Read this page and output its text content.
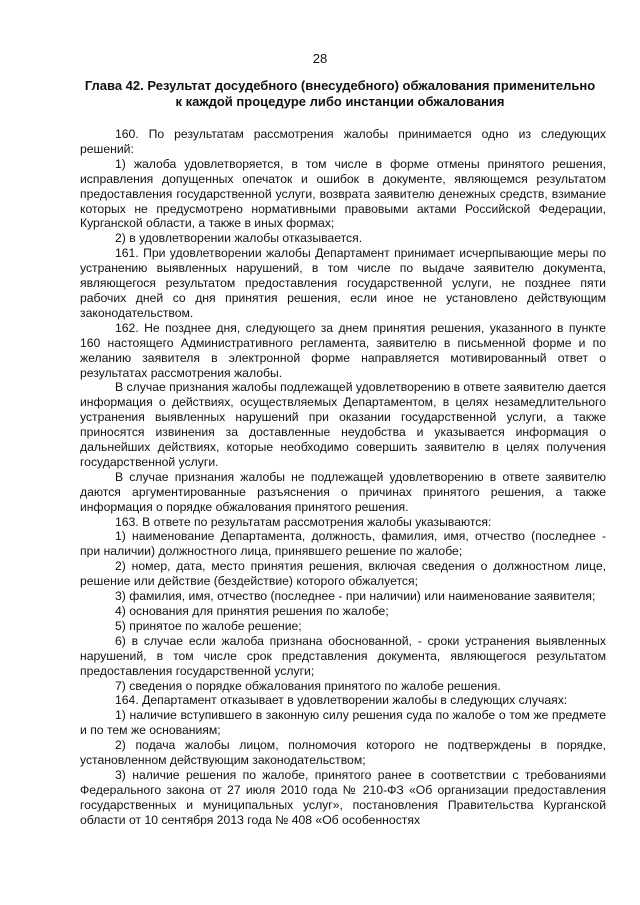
28
Глава 42. Результат досудебного (внесудебного) обжалования применительно к каждой процедуре либо инстанции обжалования

160. По результатам рассмотрения жалобы принимается одно из следующих решений:

1) жалоба удовлетворяется, в том числе в форме отмены принятого решения, исправления допущенных опечаток и ошибок в документе, являющемся результатом предоставления государственной услуги, возврата заявителю денежных средств, взимание которых не предусмотрено нормативными правовыми актами Российской Федерации, Курганской области, а также в иных формах;

2) в удовлетворении жалобы отказывается.

161. При удовлетворении жалобы Департамент принимает исчерпывающие меры по устранению выявленных нарушений, в том числе по выдаче заявителю документа, являющегося результатом предоставления государственной услуги, не позднее пяти рабочих дней со дня принятия решения, если иное не установлено действующим законодательством.

162. Не позднее дня, следующего за днем принятия решения, указанного в пункте 160 настоящего Административного регламента, заявителю в письменной форме и по желанию заявителя в электронной форме направляется мотивированный ответ о результатах рассмотрения жалобы.

В случае признания жалобы подлежащей удовлетворению в ответе заявителю дается информация о действиях, осуществляемых Департаментом, в целях незамедлительного устранения выявленных нарушений при оказании государственной услуги, а также приносятся извинения за доставленные неудобства и указывается информация о дальнейших действиях, которые необходимо совершить заявителю в целях получения государственной услуги.

В случае признания жалобы не подлежащей удовлетворению в ответе заявителю даются аргументированные разъяснения о причинах принятого решения, а также информация о порядке обжалования принятого решения.

163. В ответе по результатам рассмотрения жалобы указываются:

1) наименование Департамента, должность, фамилия, имя, отчество (последнее - при наличии) должностного лица, принявшего решение по жалобе;

2) номер, дата, место принятия решения, включая сведения о должностном лице, решение или действие (бездействие) которого обжалуется;

3) фамилия, имя, отчество (последнее - при наличии) или наименование заявителя;

4) основания для принятия решения по жалобе;

5) принятое по жалобе решение;

6) в случае если жалоба признана обоснованной, - сроки устранения выявленных нарушений, в том числе срок представления документа, являющегося результатом предоставления государственной услуги;

7) сведения о порядке обжалования принятого по жалобе решения.

164. Департамент отказывает в удовлетворении жалобы в следующих случаях:

1) наличие вступившего в законную силу решения суда по жалобе о том же предмете и по тем же основаниям;

2) подача жалобы лицом, полномочия которого не подтверждены в порядке, установленном действующим законодательством;

3) наличие решения по жалобе, принятого ранее в соответствии с требованиями Федерального закона от 27 июля 2010 года № 210-ФЗ «Об организации предоставления государственных и муниципальных услуг», постановления Правительства Курганской области от 10 сентября 2013 года № 408 «Об особенностях
